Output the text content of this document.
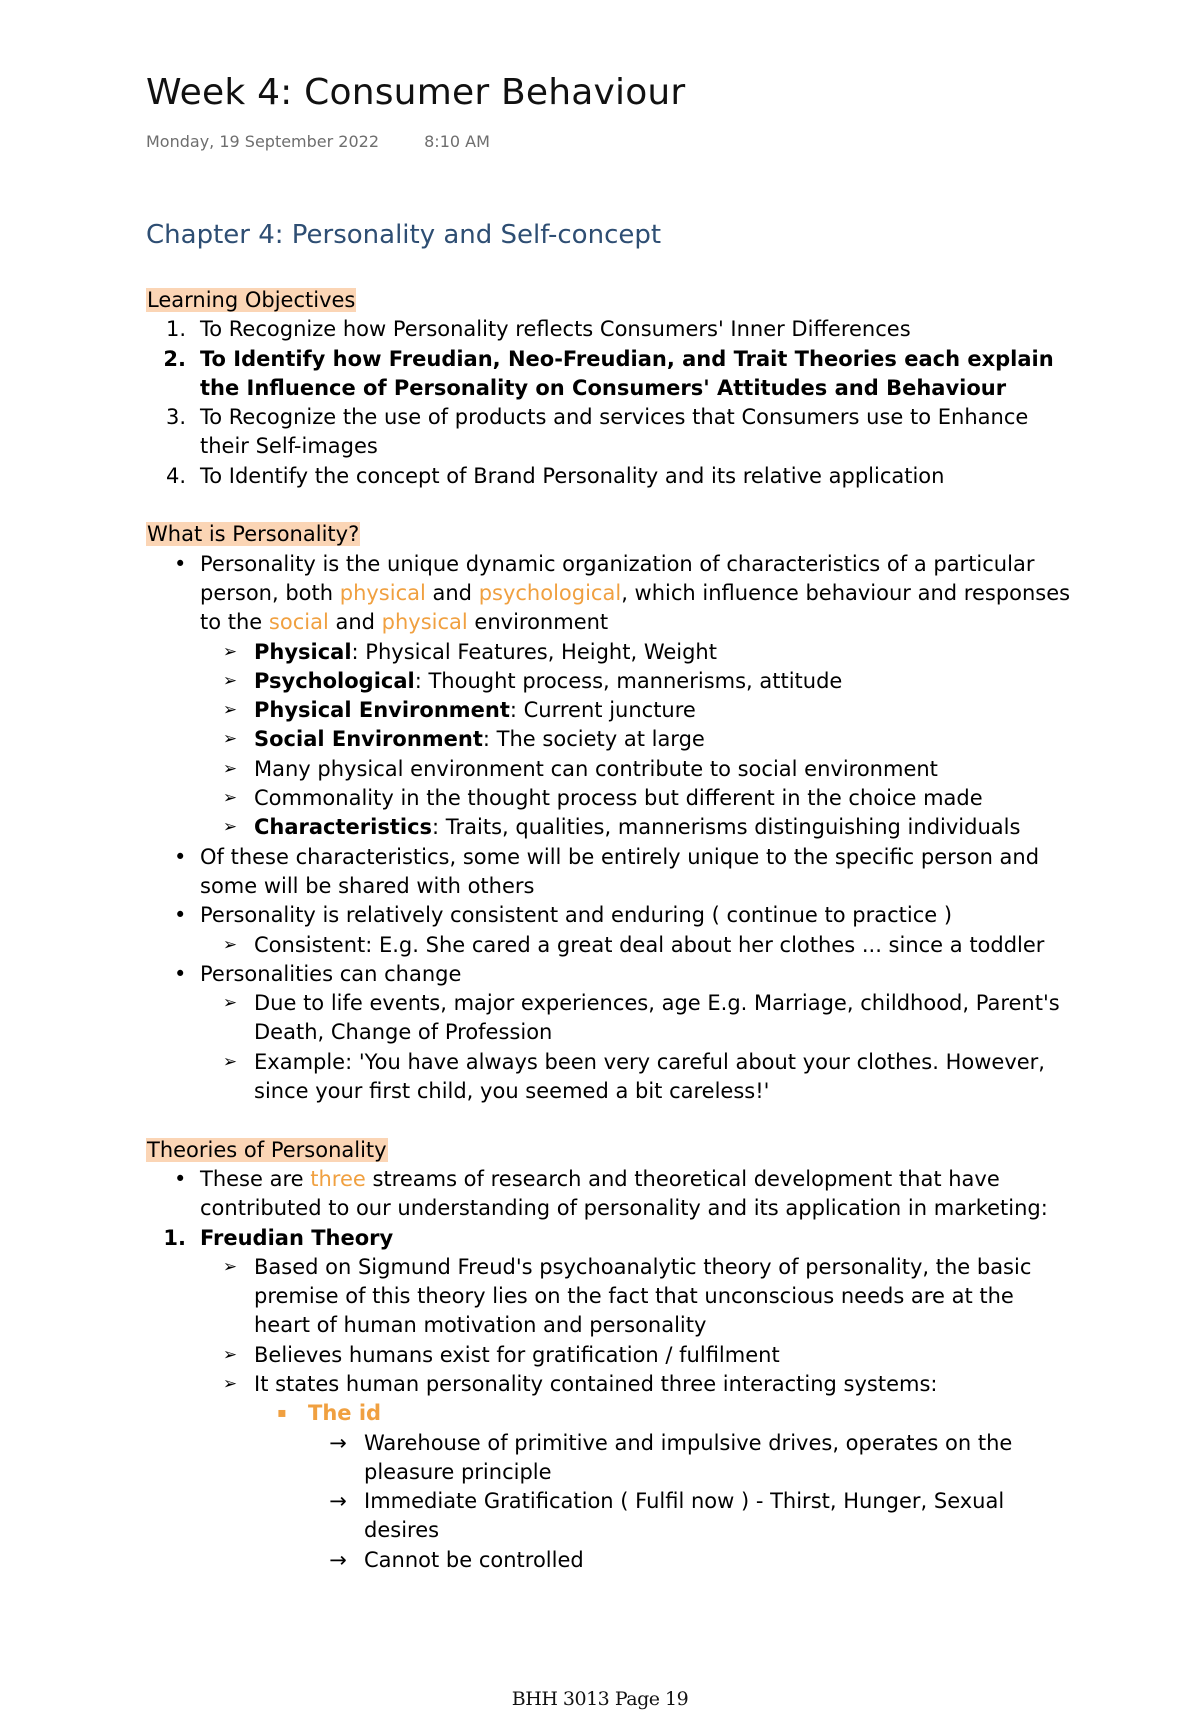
Week 4: Consumer Behaviour
Monday, 19 September 2022	8:10 AM
Chapter 4: Personality and Self-concept
Learning Objectives
1. To Recognize how Personality reflects Consumers' Inner Differences
2. To Identify how Freudian, Neo-Freudian, and Trait Theories each explain the Influence of Personality on Consumers' Attitudes and Behaviour
3. To Recognize the use of products and services that Consumers use to Enhance their Self-images
4. To Identify the concept of Brand Personality and its relative application
What is Personality?
• Personality is the unique dynamic organization of characteristics of a particular person, both physical and psychological, which influence behaviour and responses to the social and physical environment
➢ Physical: Physical Features, Height, Weight
➢ Psychological: Thought process, mannerisms, attitude
➢ Physical Environment: Current juncture
➢ Social Environment: The society at large
➢ Many physical environment can contribute to social environment
➢ Commonality in the thought process but different in the choice made
➢ Characteristics: Traits, qualities, mannerisms distinguishing individuals
• Of these characteristics, some will be entirely unique to the specific person and some will be shared with others
• Personality is relatively consistent and enduring ( continue to practice )
➢ Consistent: E.g. She cared a great deal about her clothes ... since a toddler
• Personalities can change
➢ Due to life events, major experiences, age E.g. Marriage, childhood, Parent's Death, Change of Profession
➢ Example: 'You have always been very careful about your clothes. However, since your first child, you seemed a bit careless!'
Theories of Personality
• These are three streams of research and theoretical development that have contributed to our understanding of personality and its application in marketing:
1. Freudian Theory
➢ Based on Sigmund Freud's psychoanalytic theory of personality, the basic premise of this theory lies on the fact that unconscious needs are at the heart of human motivation and personality
➢ Believes humans exist for gratification / fulfilment
➢ It states human personality contained three interacting systems:
▪	The id
→ Warehouse of primitive and impulsive drives, operates on the pleasure principle
→ Immediate Gratification ( Fulfil now ) - Thirst, Hunger, Sexual desires
→ Cannot be controlled
BHH 3013 Page 19
